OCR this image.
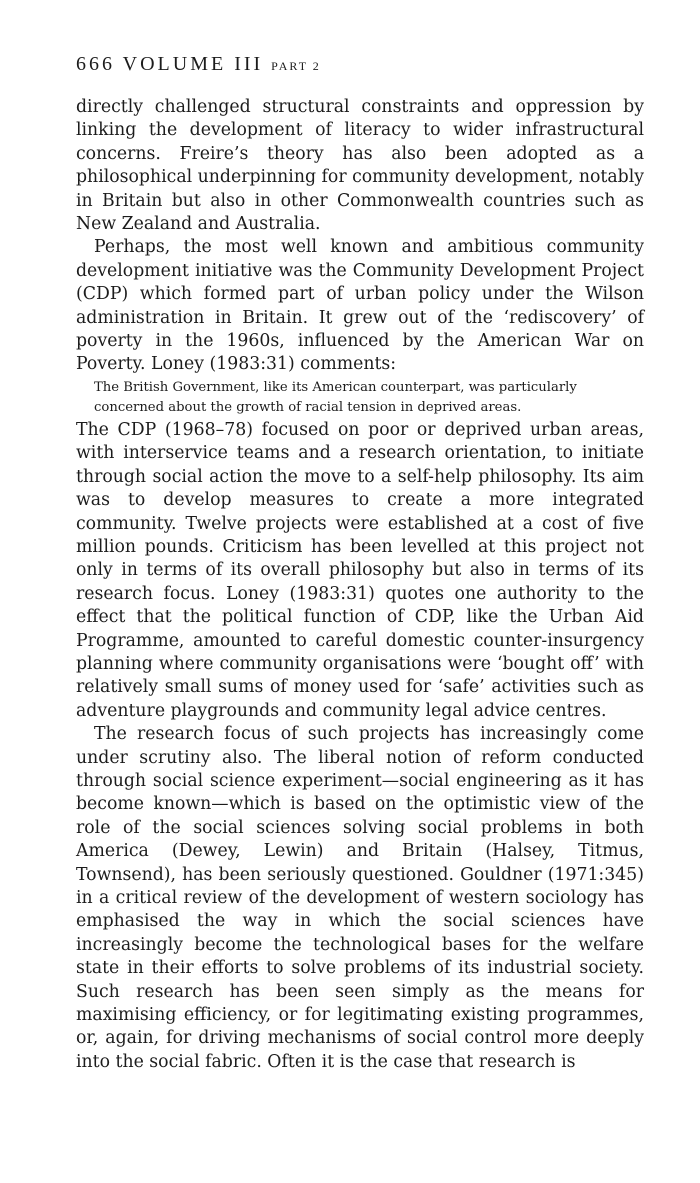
666 VOLUME III PART 2

directly challenged structural constraints and oppression by linking the development of literacy to wider infrastructural concerns. Freire’s theory has also been adopted as a philosophical underpinning for community development, notably in Britain but also in other Commonwealth countries such as New Zealand and Australia.

Perhaps, the most well known and ambitious community development initiative was the Community Development Project (CDP) which formed part of urban policy under the Wilson administration in Britain. It grew out of the ‘rediscovery’ of poverty in the 1960s, influenced by the American War on Poverty. Loney (1983:31) comments:

The British Government, like its American counterpart, was particularly concerned about the growth of racial tension in deprived areas.

The CDP (1968–78) focused on poor or deprived urban areas, with interservice teams and a research orientation, to initiate through social action the move to a self-help philosophy. Its aim was to develop measures to create a more integrated community. Twelve projects were established at a cost of five million pounds. Criticism has been levelled at this project not only in terms of its overall philosophy but also in terms of its research focus. Loney (1983:31) quotes one authority to the effect that the political function of CDP, like the Urban Aid Programme, amounted to careful domestic counter-insurgency planning where community organisations were ‘bought off’ with relatively small sums of money used for ‘safe’ activities such as adventure playgrounds and community legal advice centres.

The research focus of such projects has increasingly come under scrutiny also. The liberal notion of reform conducted through social science experiment—social engineering as it has become known—which is based on the optimistic view of the role of the social sciences solving social problems in both America (Dewey, Lewin) and Britain (Halsey, Titmus, Townsend), has been seriously questioned. Gouldner (1971:345) in a critical review of the development of western sociology has emphasised the way in which the social sciences have increasingly become the technological bases for the welfare state in their efforts to solve problems of its industrial society. Such research has been seen simply as the means for maximising efficiency, or for legitimating existing programmes, or, again, for driving mechanisms of social control more deeply into the social fabric. Often it is the case that research is
